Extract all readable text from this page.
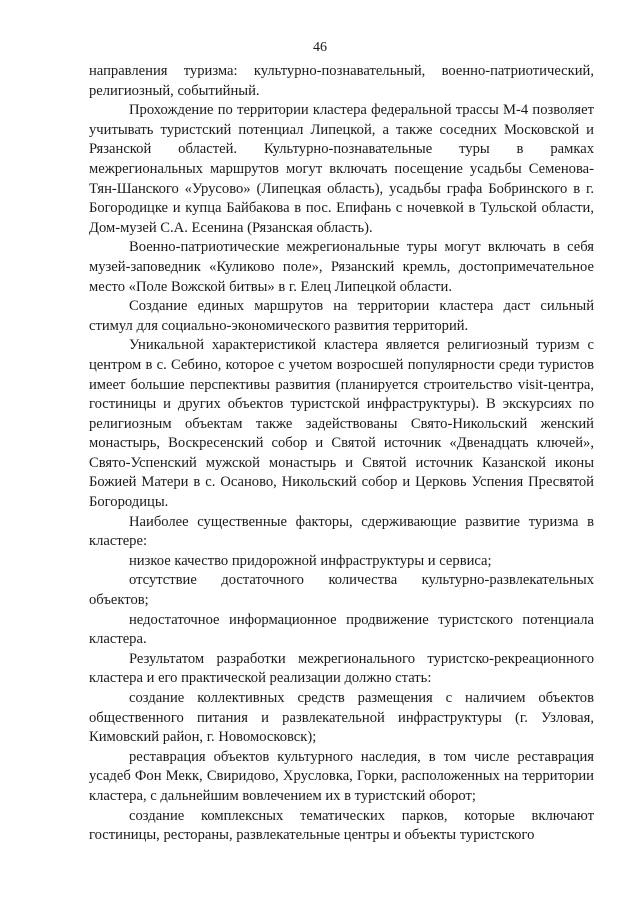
46

направления туризма: культурно-познавательный, военно-патриотический, религиозный, событийный.

Прохождение по территории кластера федеральной трассы М-4 позволяет учитывать туристский потенциал Липецкой, а также соседних Московской и Рязанской областей. Культурно-познавательные туры в рамках межрегиональных маршрутов могут включать посещение усадьбы Семенова-Тян-Шанского «Урусово» (Липецкая область), усадьбы графа Бобринского в г. Богородицке и купца Байбакова в пос. Епифань с ночевкой в Тульской области, Дом-музей С.А. Есенина (Рязанская область).

Военно-патриотические межрегиональные туры могут включать в себя музей-заповедник «Куликово поле», Рязанский кремль, достопримечательное место «Поле Вожской битвы» в г. Елец Липецкой области.

Создание единых маршрутов на территории кластера даст сильный стимул для социально-экономического развития территорий.

Уникальной характеристикой кластера является религиозный туризм с центром в с. Себино, которое с учетом возросшей популярности среди туристов имеет большие перспективы развития (планируется строительство visit-центра, гостиницы и других объектов туристской инфраструктуры). В экскурсиях по религиозным объектам также задействованы Свято-Никольский женский монастырь, Воскресенский собор и Святой источник «Двенадцать ключей», Свято-Успенский мужской монастырь и Святой источник Казанской иконы Божией Матери в с. Осаново, Никольский собор и Церковь Успения Пресвятой Богородицы.

Наиболее существенные факторы, сдерживающие развитие туризма в кластере:

низкое качество придорожной инфраструктуры и сервиса;

отсутствие достаточного количества культурно-развлекательных объектов;

недостаточное информационное продвижение туристского потенциала кластера.

Результатом разработки межрегионального туристско-рекреационного кластера и его практической реализации должно стать:

создание коллективных средств размещения с наличием объектов общественного питания и развлекательной инфраструктуры (г. Узловая, Кимовский район, г. Новомосковск);

реставрация объектов культурного наследия, в том числе реставрация усадеб Фон Мекк, Свиридово, Хрусловка, Горки, расположенных на территории кластера, с дальнейшим вовлечением их в туристский оборот;

создание комплексных тематических парков, которые включают гостиницы, рестораны, развлекательные центры и объекты туристского
